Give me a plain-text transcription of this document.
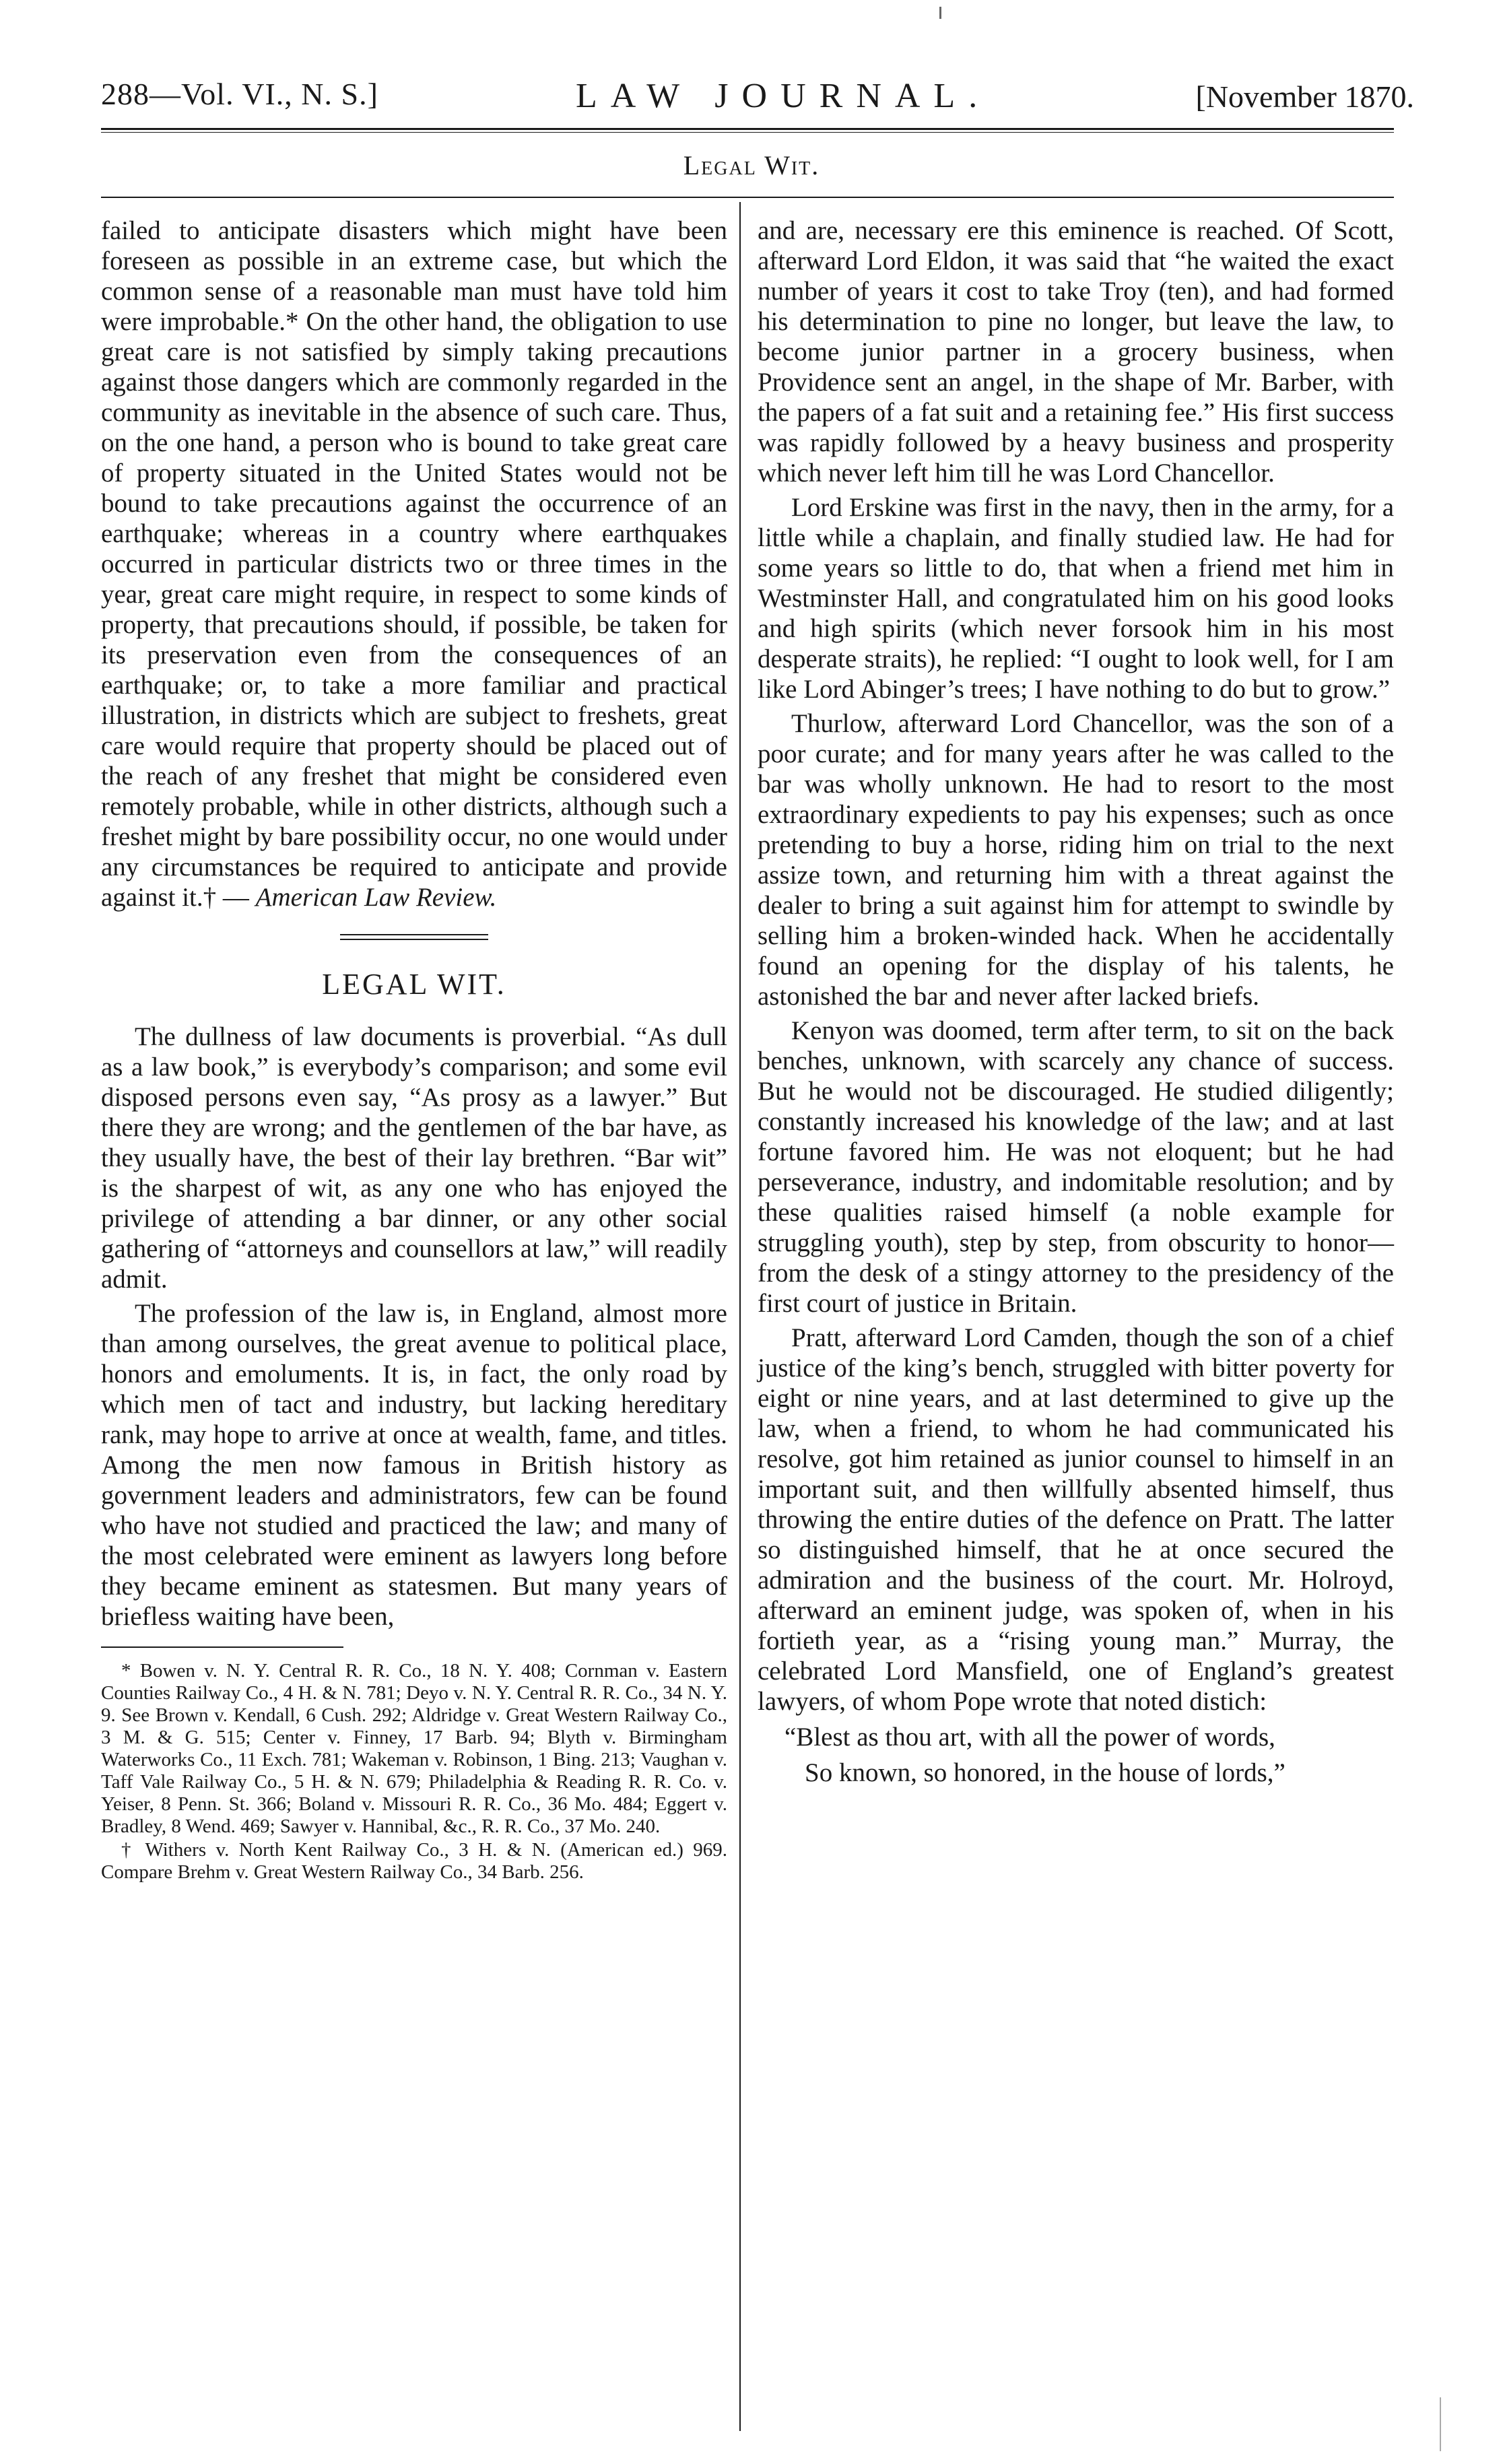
288—Vol. VI., N. S.]	LAW JOURNAL.	[November 1870.
Legal Wit.

failed to anticipate disasters which might have been foreseen as possible in an extreme case, but which the common sense of a reasonable man must have told him were improbable.* On the other hand, the obligation to use great care is not satisfied by simply taking precautions against those dangers which are commonly regarded in the community as inevitable in the absence of such care. Thus, on the one hand, a person who is bound to take great care of property situated in the United States would not be bound to take precautions against the occurrence of an earthquake; whereas in a country where earthquakes occurred in particular districts two or three times in the year, great care might require, in respect to some kinds of property, that precautions should, if possible, be taken for its preservation even from the consequences of an earthquake; or, to take a more familiar and practical illustration, in districts which are subject to freshets, great care would require that property should be placed out of the reach of any freshet that might be considered even remotely probable, while in other districts, although such a freshet might by bare possibility occur, no one would under any circumstances be required to anticipate and provide against it.† — American Law Review.

LEGAL WIT.

The dullness of law documents is proverbial. “As dull as a law book,” is everybody’s comparison; and some evil disposed persons even say, “As prosy as a lawyer.” But there they are wrong; and the gentlemen of the bar have, as they usually have, the best of their lay brethren. “Bar wit” is the sharpest of wit, as any one who has enjoyed the privilege of attending a bar dinner, or any other social gathering of “attorneys and counsellors at law,” will readily admit.

The profession of the law is, in England, almost more than among ourselves, the great avenue to political place, honors and emoluments. It is, in fact, the only road by which men of tact and industry, but lacking hereditary rank, may hope to arrive at once at wealth, fame, and titles. Among the men now famous in British history as government leaders and administrators, few can be found who have not studied and practiced the law; and many of the most celebrated were eminent as lawyers long before they became eminent as statesmen. But many years of briefless waiting have been,

* Bowen v. N. Y. Central R. R. Co., 18 N. Y. 408; Cornman v. Eastern Counties Railway Co., 4 H. & N. 781; Deyo v. N. Y. Central R. R. Co., 34 N. Y. 9. See Brown v. Kendall, 6 Cush. 292; Aldridge v. Great Western Railway Co., 3 M. & G. 515; Center v. Finney, 17 Barb. 94; Blyth v. Birmingham Waterworks Co., 11 Exch. 781; Wakeman v. Robinson, 1 Bing. 213; Vaughan v. Taff Vale Railway Co., 5 H. & N. 679; Philadelphia & Reading R. R. Co. v. Yeiser, 8 Penn. St. 366; Boland v. Missouri R. R. Co., 36 Mo. 484; Eggert v. Bradley, 8 Wend. 469; Sawyer v. Hannibal, &c., R. R. Co., 37 Mo. 240.

† Withers v. North Kent Railway Co., 3 H. & N. (American ed.) 969. Compare Brehm v. Great Western Railway Co., 34 Barb. 256.

and are, necessary ere this eminence is reached. Of Scott, afterward Lord Eldon, it was said that “he waited the exact number of years it cost to take Troy (ten), and had formed his determination to pine no longer, but leave the law, to become junior partner in a grocery business, when Providence sent an angel, in the shape of Mr. Barber, with the papers of a fat suit and a retaining fee.” His first success was rapidly followed by a heavy business and prosperity which never left him till he was Lord Chancellor.

Lord Erskine was first in the navy, then in the army, for a little while a chaplain, and finally studied law. He had for some years so little to do, that when a friend met him in Westminster Hall, and congratulated him on his good looks and high spirits (which never forsook him in his most desperate straits), he replied: “I ought to look well, for I am like Lord Abinger’s trees; I have nothing to do but to grow.”

Thurlow, afterward Lord Chancellor, was the son of a poor curate; and for many years after he was called to the bar was wholly unknown. He had to resort to the most extraordinary expedients to pay his expenses; such as once pretending to buy a horse, riding him on trial to the next assize town, and returning him with a threat against the dealer to bring a suit against him for attempt to swindle by selling him a broken-winded hack. When he accidentally found an opening for the display of his talents, he astonished the bar and never after lacked briefs.

Kenyon was doomed, term after term, to sit on the back benches, unknown, with scarcely any chance of success. But he would not be discouraged. He studied diligently; constantly increased his knowledge of the law; and at last fortune favored him. He was not eloquent; but he had perseverance, industry, and indomitable resolution; and by these qualities raised himself (a noble example for struggling youth), step by step, from obscurity to honor—from the desk of a stingy attorney to the presidency of the first court of justice in Britain.

Pratt, afterward Lord Camden, though the son of a chief justice of the king’s bench, struggled with bitter poverty for eight or nine years, and at last determined to give up the law, when a friend, to whom he had communicated his resolve, got him retained as junior counsel to himself in an important suit, and then willfully absented himself, thus throwing the entire duties of the defence on Pratt. The latter so distinguished himself, that he at once secured the admiration and the business of the court. Mr. Holroyd, afterward an eminent judge, was spoken of, when in his fortieth year, as a “rising young man.” Murray, the celebrated Lord Mansfield, one of England’s greatest lawyers, of whom Pope wrote that noted distich:

“Blest as thou art, with all the power of words,
So known, so honored, in the house of lords,”
